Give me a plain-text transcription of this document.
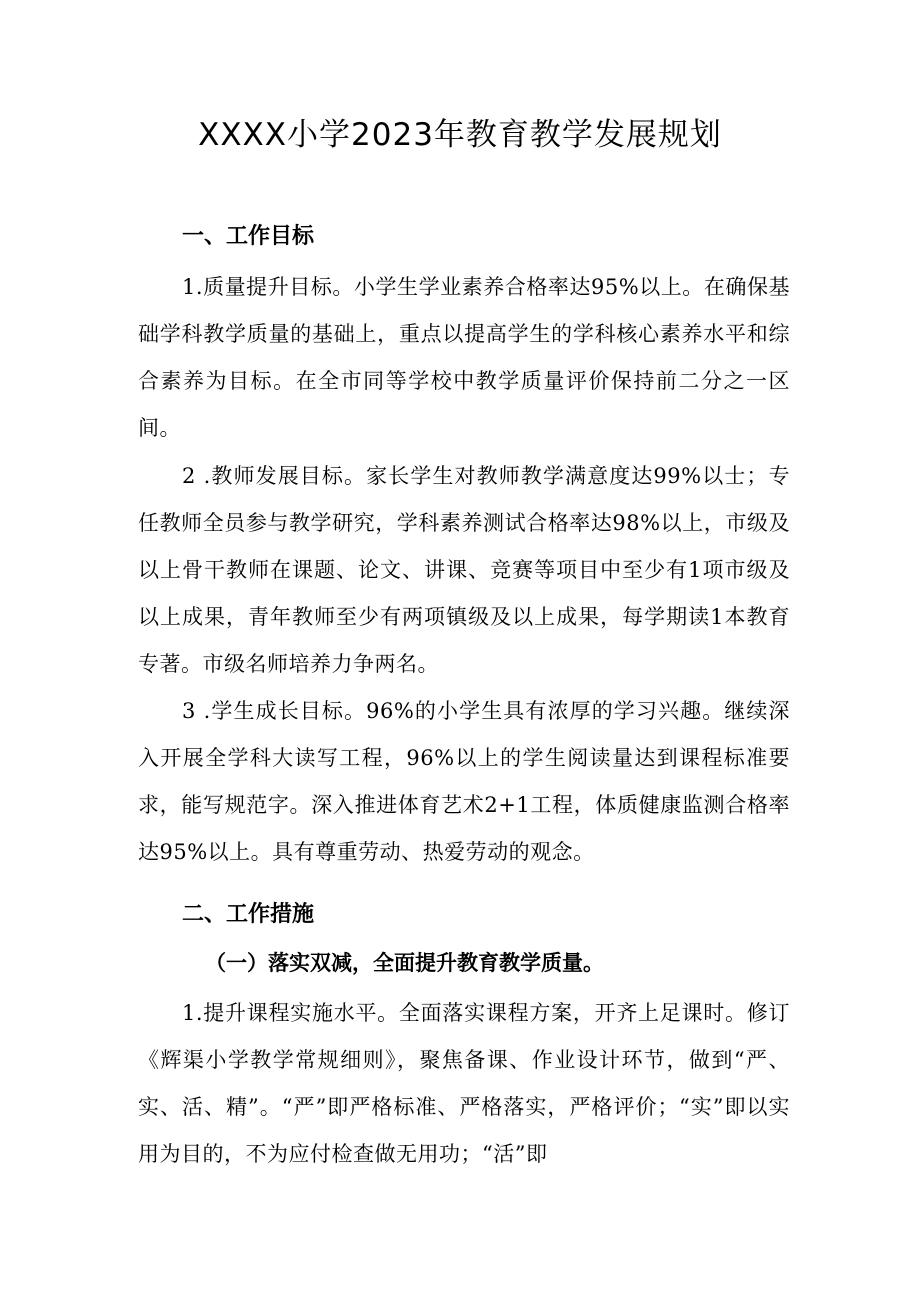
XXXX小学2023年教育教学发展规划
一、工作目标

1.质量提升目标。小学生学业素养合格率达95%以上。在确保基础学科教学质量的基础上，重点以提高学生的学科核心素养水平和综合素养为目标。在全市同等学校中教学质量评价保持前二分之一区间。

2 .教师发展目标。家长学生对教师教学满意度达99%以士；专任教师全员参与教学研究，学科素养测试合格率达98%以上，市级及以上骨干教师在课题、论文、讲课、竞赛等项目中至少有1项市级及以上成果，青年教师至少有两项镇级及以上成果，每学期读1本教育专著。市级名师培养力争两名。

3 .学生成长目标。96%的小学生具有浓厚的学习兴趣。继续深入开展全学科大读写工程，96%以上的学生阅读量达到课程标准要求，能写规范字。深入推进体育艺术2+1工程，体质健康监测合格率达95%以上。具有尊重劳动、热爱劳动的观念。

二、工作措施
（一）落实双减，全面提升教育教学质量。

1.提升课程实施水平。全面落实课程方案，开齐上足课时。修订《辉渠小学教学常规细则》，聚焦备课、作业设计环节，做到“严、实、活、精”。“严”即严格标准、严格落实，严格评价；“实”即以实用为目的，不为应付检查做无用功；“活”即
